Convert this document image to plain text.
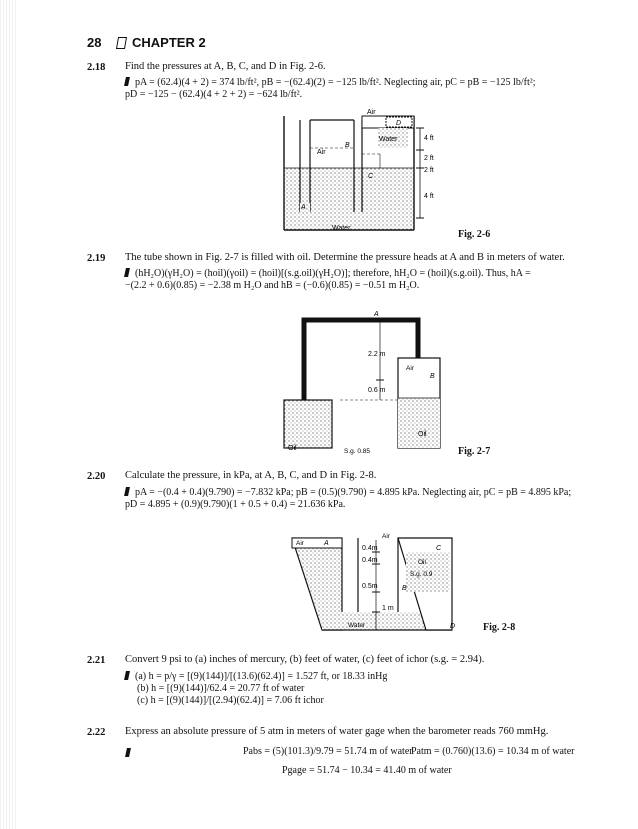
28 CHAPTER 2
2.18 Find the pressures at A, B, C, and D in Fig. 2-6.
pA = (62.4)(4 + 2) = 374 lb/ft², pB = −(62.4)(2) = −125 lb/ft². Neglecting air, pC = pB = −125 lb/ft²;
pD = −125 − (62.4)(4 + 2 + 2) = −624 lb/ft².
Air
Water
Air
Water
A
B
C
D
4 ft
2 ft
2 ft
4 ft
Fig. 2-6
2.19 The tube shown in Fig. 2-7 is filled with oil. Determine the pressure heads at A and B in meters of water.
(hH₂O)(γH₂O) = (hoil)(γoil) = (hoil)[(s.g.oil)(γH₂O)]; therefore, hH₂O = (hoil)(s.g.oil). Thus, hA =
−(2.2 + 0.6)(0.85) = −2.38 m H₂O and hB = (−0.6)(0.85) = −0.51 m H₂O.
A
B
Air
Oil
Oil
2.2 m
0.6 m
S.g. 0.85	Fig. 2-7
2.20 Calculate the pressure, in kPa, at A, B, C, and D in Fig. 2-8.
pA = −(0.4 + 0.4)(9.790) = −7.832 kPa; pB = (0.5)(9.790) = 4.895 kPa. Neglecting air, pC = pB = 4.895 kPa;
pD = 4.895 + (0.9)(9.790)(1 + 0.5 + 0.4) = 21.636 kPa.
Air	A
Air
C
B
D
Oil
S.g. 0.9
Water
0.4m
0.4m
0.5m
1 m
Fig. 2-8
2.21 Convert 9 psi to (a) inches of mercury, (b) feet of water, (c) feet of ichor (s.g. = 2.94).
(a) h = p/γ = [(9)(144)]/[(13.6)(62.4)] = 1.527 ft, or 18.33 inHg
(b) h = [(9)(144)]/62.4 = 20.77 ft of water
(c) h = [(9)(144)]/[(2.94)(62.4)] = 7.06 ft ichor
2.22 Express an absolute pressure of 5 atm in meters of water gage when the barometer reads 760 mmHg.
Pabs = (5)(101.3)/9.79 = 51.74 m of water
Patm = (0.760)(13.6) = 10.34 m of water
Pgage = 51.74 − 10.34 = 41.40 m of water
